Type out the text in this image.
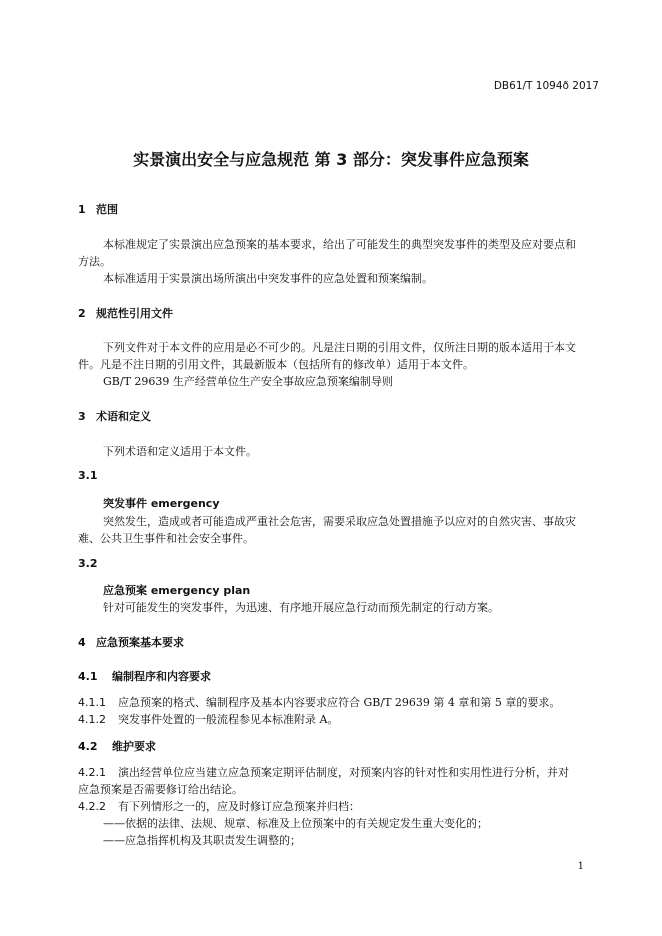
DB61/T 1094ð 2017
实景演出安全与应急规范 第 3 部分：突发事件应急预案
1 范围
本标准规定了实景演出应急预案的基本要求，给出了可能发生的典型突发事件的类型及应对要点和
方法。
本标准适用于实景演出场所演出中突发事件的应急处置和预案编制。
2 规范性引用文件
下列文件对于本文件的应用是必不可少的。凡是注日期的引用文件，仅所注日期的版本适用于本文
件。凡是不注日期的引用文件，其最新版本（包括所有的修改单）适用于本文件。
GB/T 29639 生产经营单位生产安全事故应急预案编制导则
3 术语和定义
下列术语和定义适用于本文件。
3.1
突发事件 emergency
突然发生，造成或者可能造成严重社会危害，需要采取应急处置措施予以应对的自然灾害、事故灾
难、公共卫生事件和社会安全事件。
3.2
应急预案 emergency plan
针对可能发生的突发事件，为迅速、有序地开展应急行动而预先制定的行动方案。
4 应急预案基本要求
4.1 编制程序和内容要求
4.1.1 应急预案的格式、编制程序及基本内容要求应符合 GB/T 29639 第 4 章和第 5 章的要求。
4.1.2 突发事件处置的一般流程参见本标准附录 A。
4.2 维护要求
4.2.1 演出经营单位应当建立应急预案定期评估制度，对预案内容的针对性和实用性进行分析，并对
应急预案是否需要修订给出结论。
4.2.2 有下列情形之一的，应及时修订应急预案并归档：
——依据的法律、法规、规章、标准及上位预案中的有关规定发生重大变化的；
——应急指挥机构及其职责发生调整的；
1
